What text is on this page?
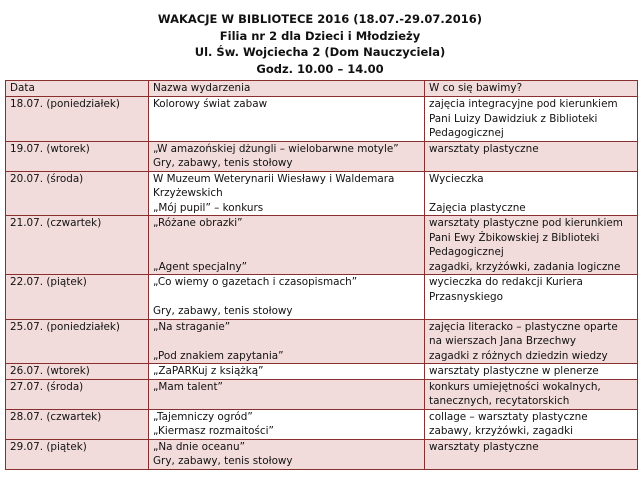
WAKACJE W BIBLIOTECE 2016 (18.07.-29.07.2016)
Filia nr 2 dla Dzieci i Młodzieży
Ul. Św. Wojciecha 2 (Dom Nauczyciela)
Godz. 10.00 – 14.00
Data	Nazwa wydarzenia	W co się bawimy?
18.07. (poniedziałek)	Kolorowy świat zabaw	zajęcia integracyjne pod kierunkiem
Pani Luizy Dawidziuk z Biblioteki
Pedagogicznej

19.07. (wtorek)	„W amazońskiej dżungli – wielobarwne motyle”
Gry, zabawy, tenis stołowy	warsztaty plastyczne

20.07. (środa)	W Muzeum Weterynarii Wiesławy i Waldemara
Krzyżewskich
„Mój pupil” – konkurs	Wycieczka
Zajęcia plastyczne

21.07. (czwartek)	„Różane obrazki”
„Agent specjalny”	warsztaty plastyczne pod kierunkiem
Pani Ewy Żbikowskiej z Biblioteki
Pedagogicznej
zagadki, krzyżówki, zadania logiczne

22.07. (piątek)	„Co wiemy o gazetach i czasopismach”
Gry, zabawy, tenis stołowy	wycieczka do redakcji Kuriera
Przasnyskiego

25.07. (poniedziałek)	„Na straganie”
„Pod znakiem zapytania”	zajęcia literacko – plastyczne oparte
na wierszach Jana Brzechwy
zagadki z różnych dziedzin wiedzy

26.07. (wtorek)	„ZaPARKuj z książką”	warsztaty plastyczne w plenerze

27.07. (środa)	„Mam talent”	konkurs umiejętności wokalnych,
tanecznych, recytatorskich

28.07. (czwartek)	„Tajemniczy ogród”
„Kiermasz rozmaitości”	collage – warsztaty plastyczne
zabawy, krzyżówki, zagadki

29.07. (piątek)	„Na dnie oceanu”
Gry, zabawy, tenis stołowy	warsztaty plastyczne
